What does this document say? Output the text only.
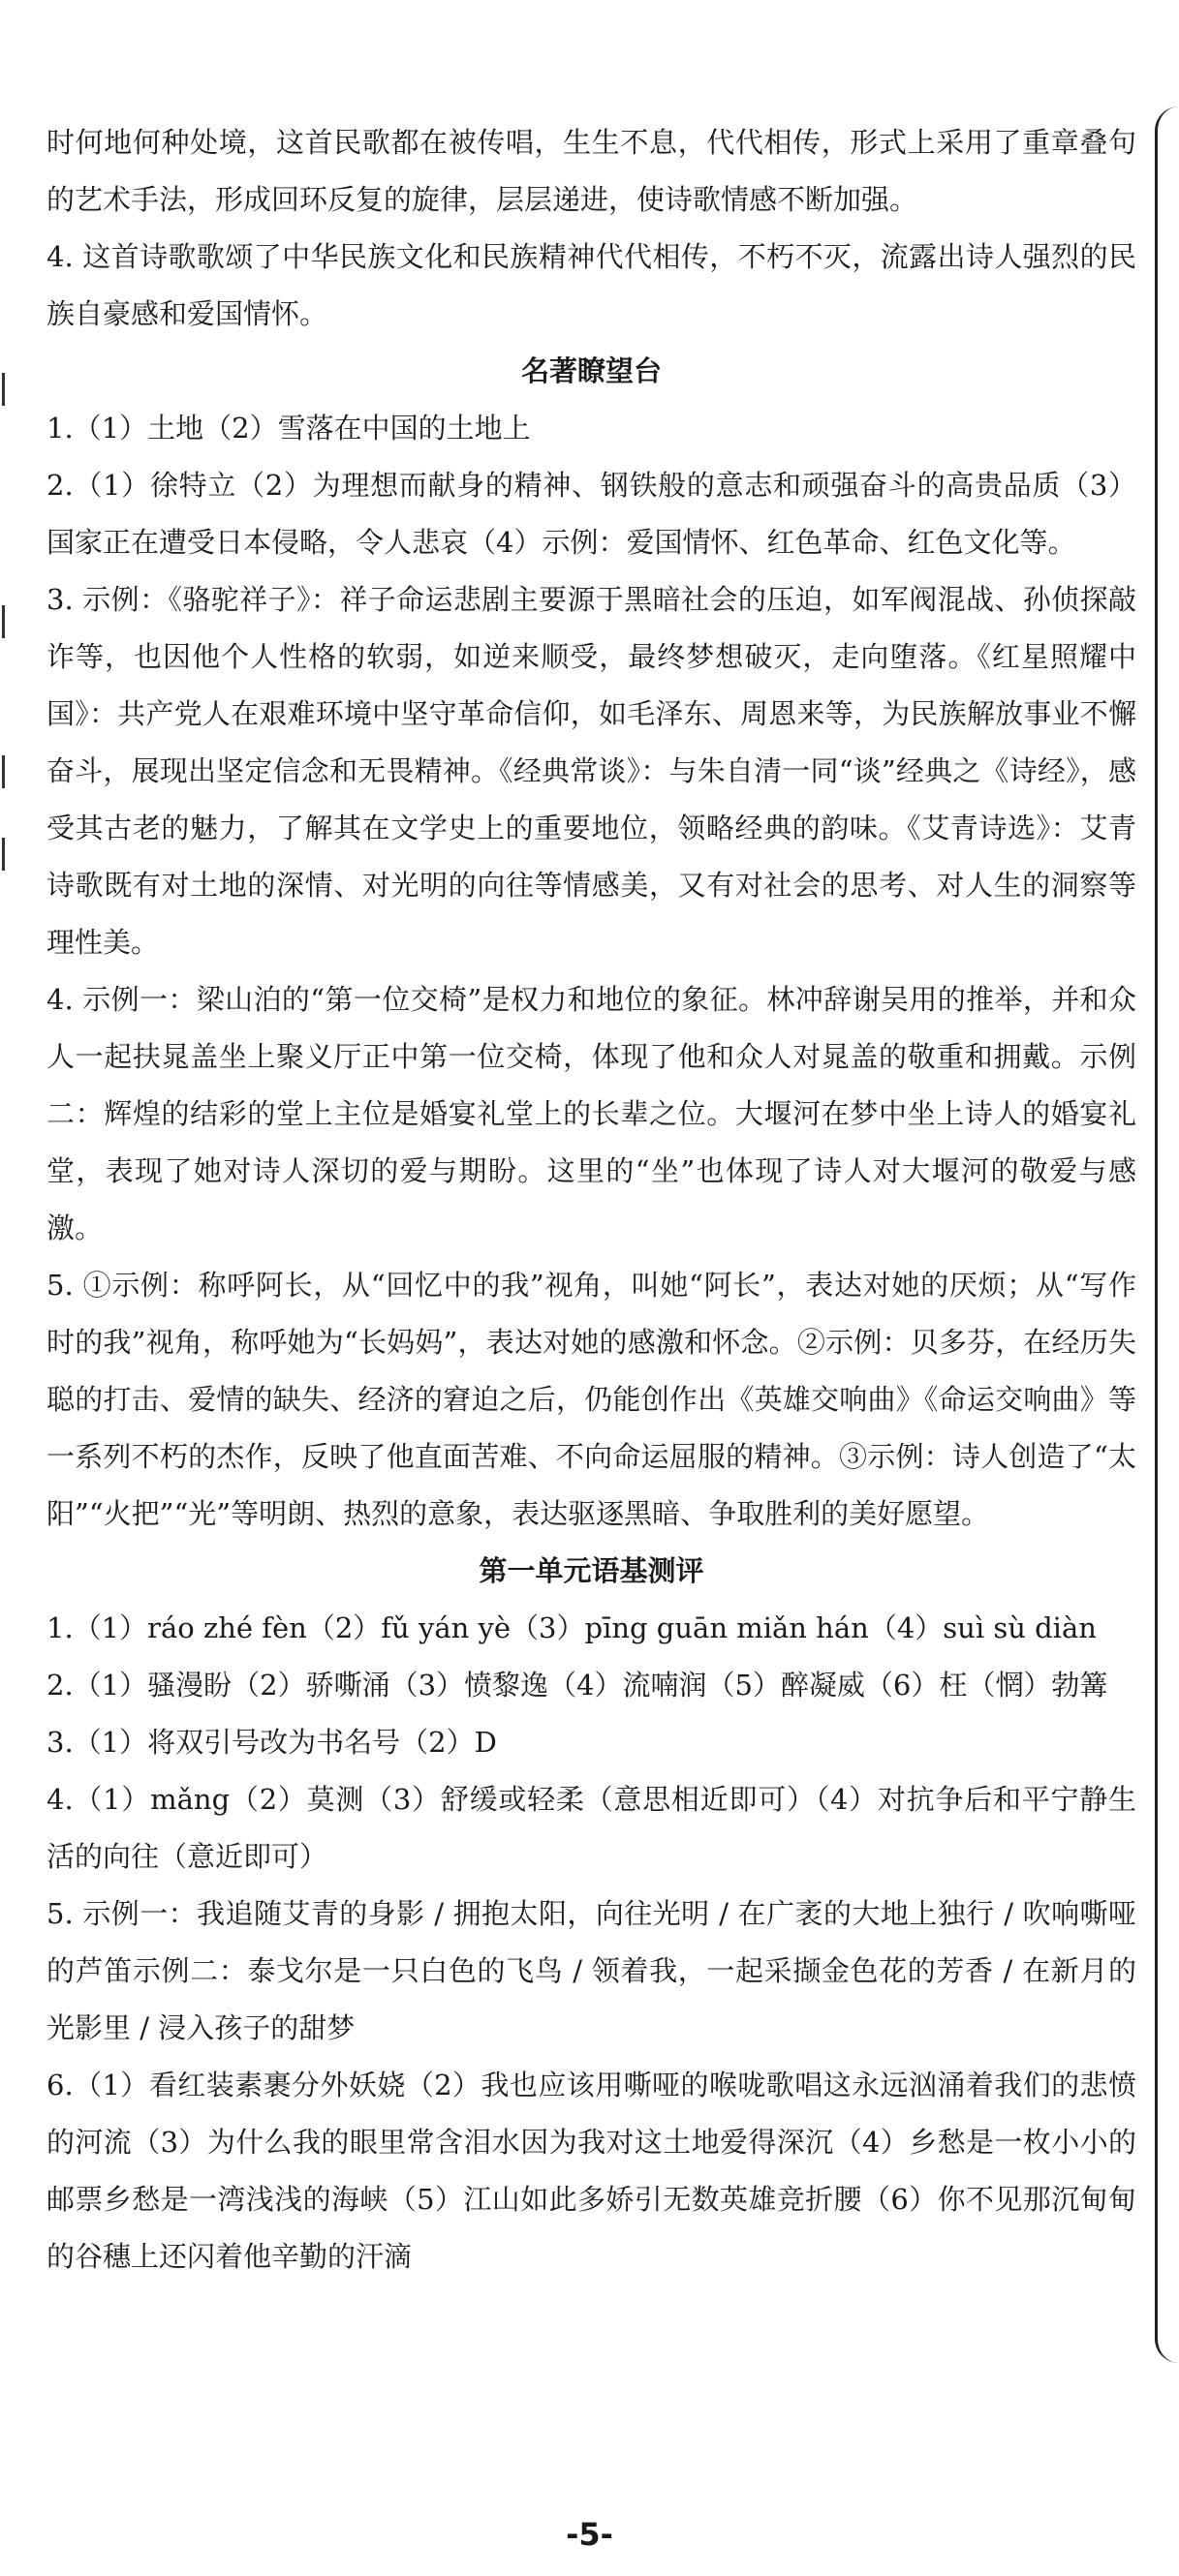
时何地何种处境，这首民歌都在被传唱，生生不息，代代相传，形式上采用了重章叠句的艺术手法，形成回环反复的旋律，层层递进，使诗歌情感不断加强。

4. 这首诗歌歌颂了中华民族文化和民族精神代代相传，不朽不灭，流露出诗人强烈的民族自豪感和爱国情怀。

名著瞭望台

1.（1）土地（2）雪落在中国的土地上

2.（1）徐特立（2）为理想而献身的精神、钢铁般的意志和顽强奋斗的高贵品质（3）国家正在遭受日本侵略，令人悲哀（4）示例：爱国情怀、红色革命、红色文化等。

3. 示例：《骆驼祥子》：祥子命运悲剧主要源于黑暗社会的压迫，如军阀混战、孙侦探敲诈等，也因他个人性格的软弱，如逆来顺受，最终梦想破灭，走向堕落。《红星照耀中国》：共产党人在艰难环境中坚守革命信仰，如毛泽东、周恩来等，为民族解放事业不懈奋斗，展现出坚定信念和无畏精神。《经典常谈》：与朱自清一同“谈”经典之《诗经》，感受其古老的魅力，了解其在文学史上的重要地位，领略经典的韵味。《艾青诗选》：艾青诗歌既有对土地的深情、对光明的向往等情感美，又有对社会的思考、对人生的洞察等理性美。

4. 示例一：梁山泊的“第一位交椅”是权力和地位的象征。林冲辞谢吴用的推举，并和众人一起扶晁盖坐上聚义厅正中第一位交椅，体现了他和众人对晁盖的敬重和拥戴。示例二：辉煌的结彩的堂上主位是婚宴礼堂上的长辈之位。大堰河在梦中坐上诗人的婚宴礼堂，表现了她对诗人深切的爱与期盼。这里的“坐”也体现了诗人对大堰河的敬爱与感激。

5. ①示例：称呼阿长，从“回忆中的我”视角，叫她“阿长”，表达对她的厌烦；从“写作时的我”视角，称呼她为“长妈妈”，表达对她的感激和怀念。②示例：贝多芬，在经历失聪的打击、爱情的缺失、经济的窘迫之后，仍能创作出《英雄交响曲》《命运交响曲》等一系列不朽的杰作，反映了他直面苦难、不向命运屈服的精神。③示例：诗人创造了“太阳”“火把”“光”等明朗、热烈的意象，表达驱逐黑暗、争取胜利的美好愿望。

第一单元语基测评

1.（1）ráo zhé fèn（2）fǔ yán yè（3）pīng guān miǎn hán（4）suì sù diàn

2.（1）骚漫盼（2）骄嘶涌（3）愤黎逸（4）流喃润（5）醉凝威（6）枉（惘）勃篝

3.（1）将双引号改为书名号（2）D

4.（1）mǎng（2）莫测（3）舒缓或轻柔（意思相近即可）（4）对抗争后和平宁静生活的向往（意近即可）

5. 示例一：我追随艾青的身影 / 拥抱太阳，向往光明 / 在广袤的大地上独行 / 吹响嘶哑的芦笛示例二：泰戈尔是一只白色的飞鸟 / 领着我，一起采撷金色花的芳香 / 在新月的光影里 / 浸入孩子的甜梦

6.（1）看红装素裹分外妖娆（2）我也应该用嘶哑的喉咙歌唱这永远汹涌着我们的悲愤的河流（3）为什么我的眼里常含泪水因为我对这土地爱得深沉（4）乡愁是一枚小小的邮票乡愁是一湾浅浅的海峡（5）江山如此多娇引无数英雄竞折腰（6）你不见那沉甸甸的谷穗上还闪着他辛勤的汗滴

-5-
